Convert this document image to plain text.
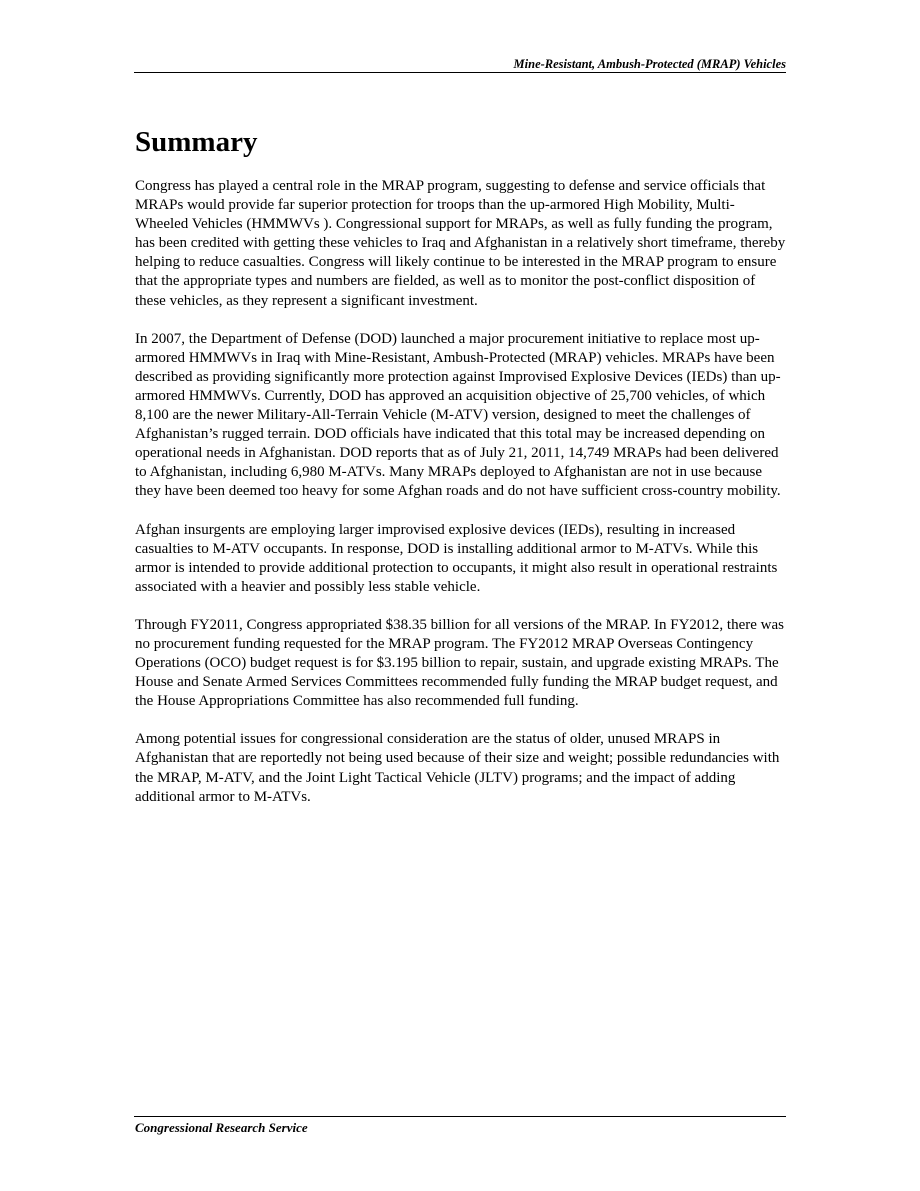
Mine-Resistant, Ambush-Protected (MRAP) Vehicles
Summary

Congress has played a central role in the MRAP program, suggesting to defense and service officials that MRAPs would provide far superior protection for troops than the up-armored High Mobility, Multi-Wheeled Vehicles (HMMWVs ). Congressional support for MRAPs, as well as fully funding the program, has been credited with getting these vehicles to Iraq and Afghanistan in a relatively short timeframe, thereby helping to reduce casualties. Congress will likely continue to be interested in the MRAP program to ensure that the appropriate types and numbers are fielded, as well as to monitor the post-conflict disposition of these vehicles, as they represent a significant investment.

In 2007, the Department of Defense (DOD) launched a major procurement initiative to replace most up-armored HMMWVs in Iraq with Mine-Resistant, Ambush-Protected (MRAP) vehicles. MRAPs have been described as providing significantly more protection against Improvised Explosive Devices (IEDs) than up-armored HMMWVs. Currently, DOD has approved an acquisition objective of 25,700 vehicles, of which 8,100 are the newer Military-All-Terrain Vehicle (M-ATV) version, designed to meet the challenges of Afghanistan’s rugged terrain. DOD officials have indicated that this total may be increased depending on operational needs in Afghanistan. DOD reports that as of July 21, 2011, 14,749 MRAPs had been delivered to Afghanistan, including 6,980 M-ATVs. Many MRAPs deployed to Afghanistan are not in use because they have been deemed too heavy for some Afghan roads and do not have sufficient cross-country mobility.

Afghan insurgents are employing larger improvised explosive devices (IEDs), resulting in increased casualties to M-ATV occupants. In response, DOD is installing additional armor to M-ATVs. While this armor is intended to provide additional protection to occupants, it might also result in operational restraints associated with a heavier and possibly less stable vehicle.

Through FY2011, Congress appropriated $38.35 billion for all versions of the MRAP. In FY2012, there was no procurement funding requested for the MRAP program. The FY2012 MRAP Overseas Contingency Operations (OCO) budget request is for $3.195 billion to repair, sustain, and upgrade existing MRAPs. The House and Senate Armed Services Committees recommended fully funding the MRAP budget request, and the House Appropriations Committee has also recommended full funding.

Among potential issues for congressional consideration are the status of older, unused MRAPS in Afghanistan that are reportedly not being used because of their size and weight; possible redundancies with the MRAP, M-ATV, and the Joint Light Tactical Vehicle (JLTV) programs; and the impact of adding additional armor to M-ATVs.

Congressional Research Service
